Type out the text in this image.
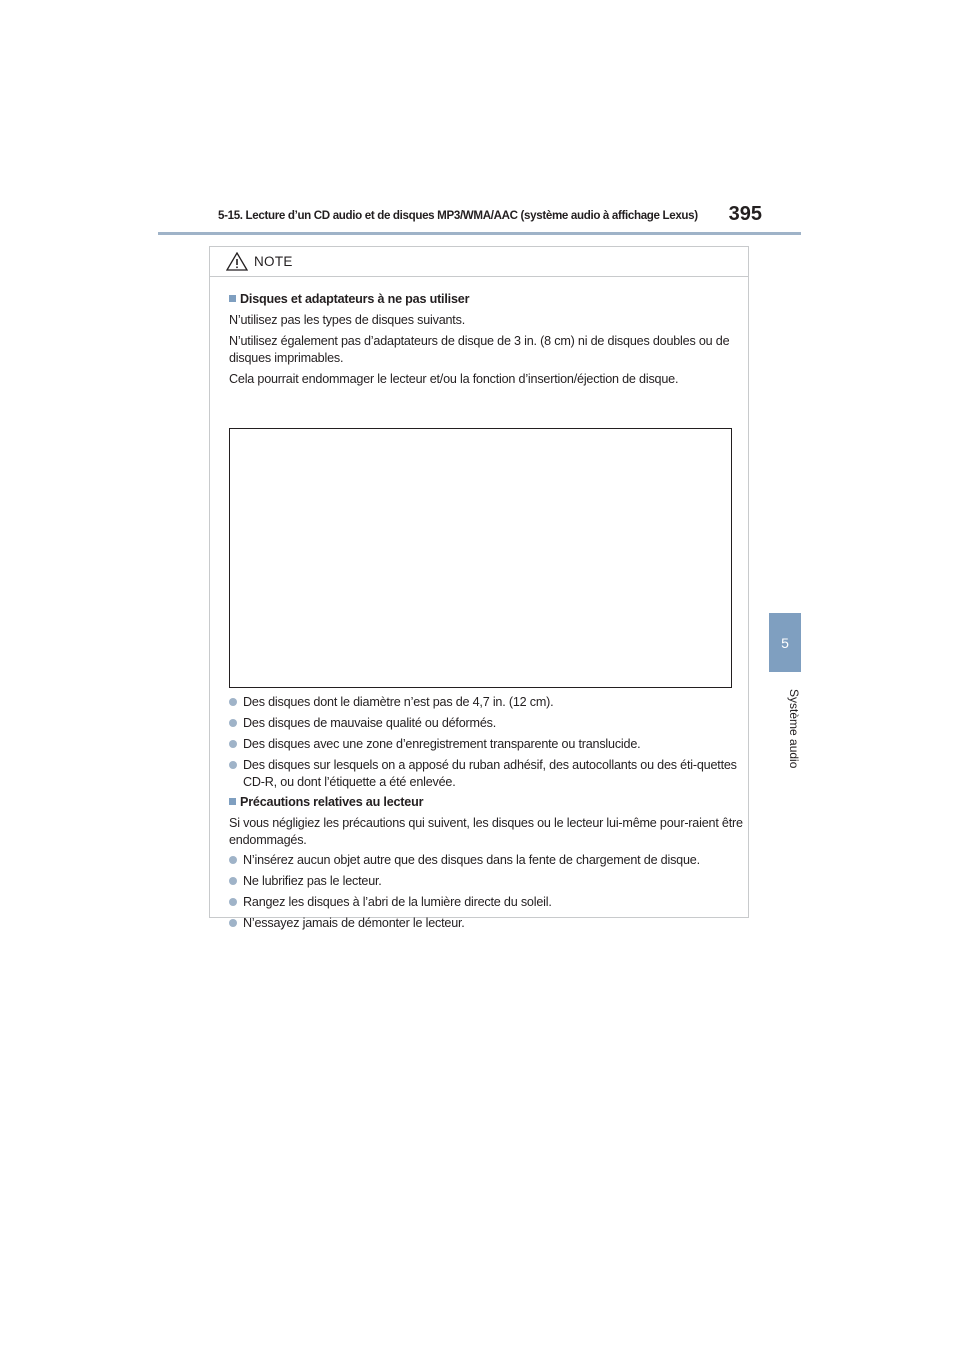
5-15. Lecture d’un CD audio et de disques MP3/WMA/AAC (système audio à affichage Lexus)	395
5
Système audio
NOTE
Disques et adaptateurs à ne pas utiliser
N’utilisez pas les types de disques suivants.
N’utilisez également pas d’adaptateurs de disque de 3 in. (8 cm) ni de disques doubles ou de disques imprimables.
Cela pourrait endommager le lecteur et/ou la fonction d’insertion/éjection de disque.
Des disques dont le diamètre n’est pas de 4,7 in. (12 cm).
Des disques de mauvaise qualité ou déformés.
Des disques avec une zone d’enregistrement transparente ou translucide.
Des disques sur lesquels on a apposé du ruban adhésif, des autocollants ou des éti-quettes CD-R, ou dont l’étiquette a été enlevée.
Précautions relatives au lecteur
Si vous négligiez les précautions qui suivent, les disques ou le lecteur lui-même pour-raient être endommagés.
N’insérez aucun objet autre que des disques dans la fente de chargement de disque.
Ne lubrifiez pas le lecteur.
Rangez les disques à l’abri de la lumière directe du soleil.
N’essayez jamais de démonter le lecteur.
